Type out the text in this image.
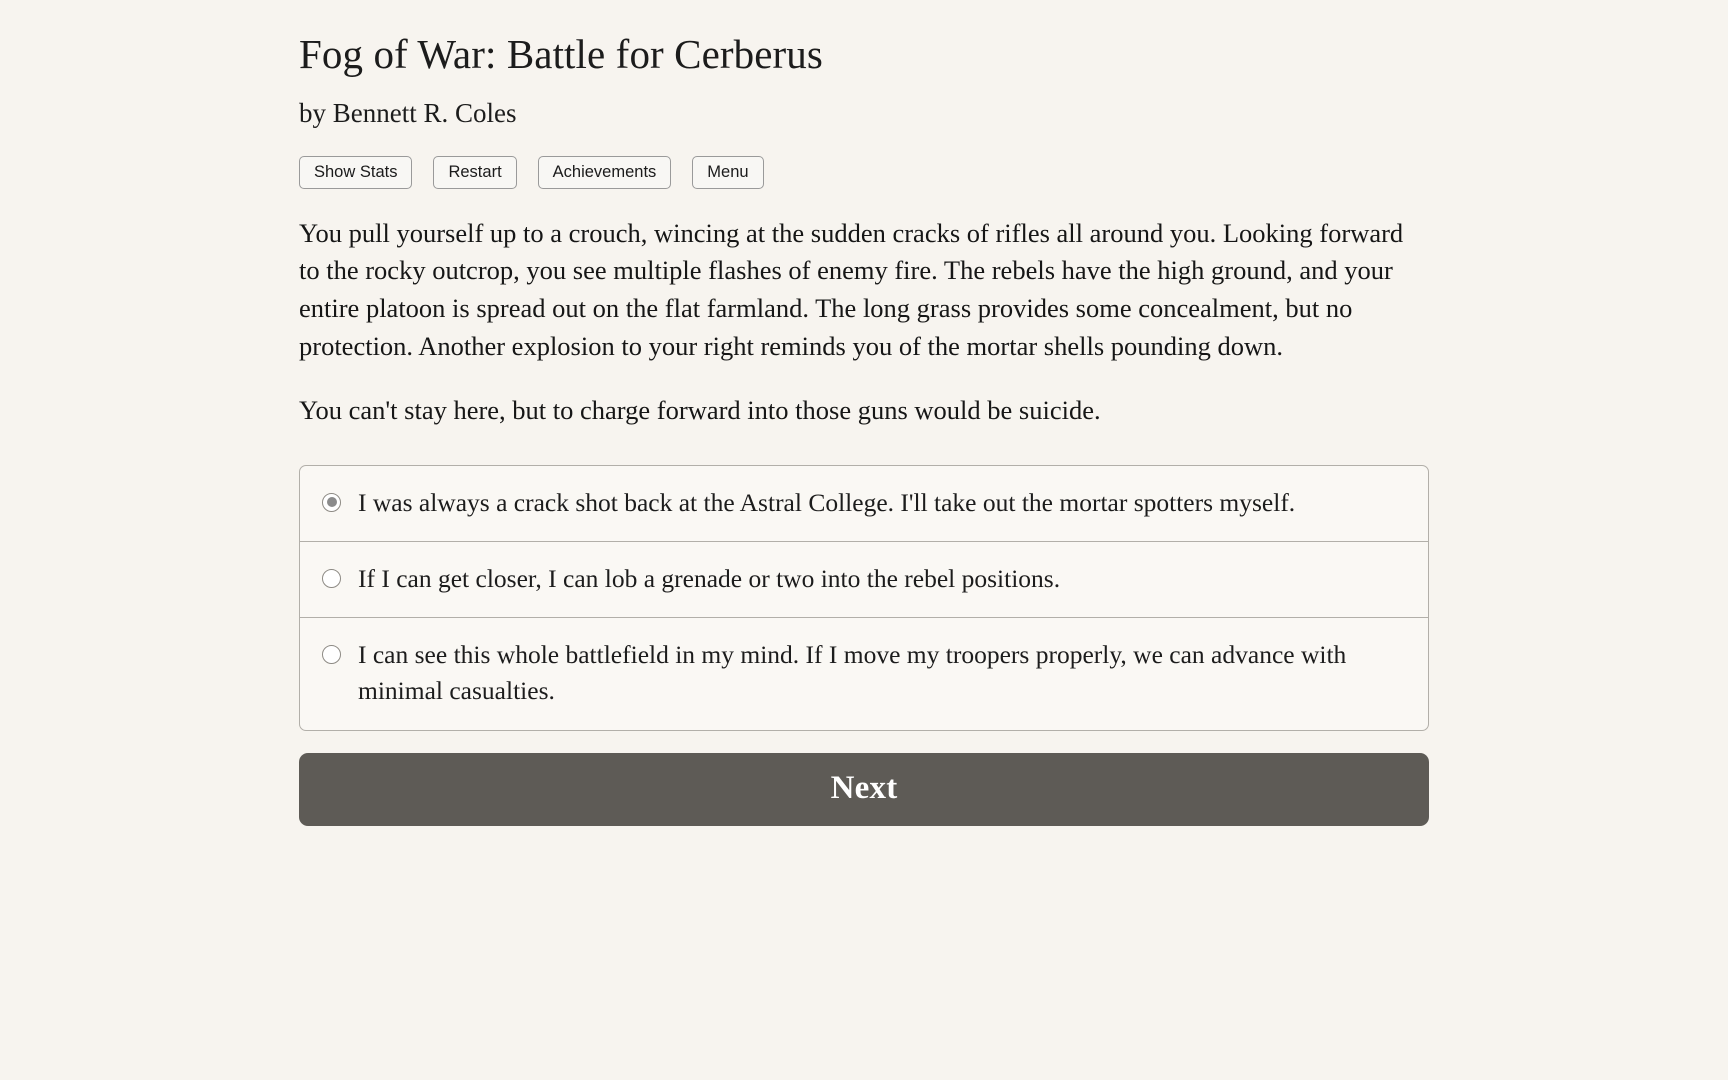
Fog of War: Battle for Cerberus
by Bennett R. Coles
Show Stats	Restart	Achievements	Menu

You pull yourself up to a crouch, wincing at the sudden cracks of rifles all around you. Looking forward to the rocky outcrop, you see multiple flashes of enemy fire. The rebels have the high ground, and your entire platoon is spread out on the flat farmland. The long grass provides some concealment, but no protection. Another explosion to your right reminds you of the mortar shells pounding down.

You can't stay here, but to charge forward into those guns would be suicide.

I was always a crack shot back at the Astral College. I'll take out the mortar spotters myself.
If I can get closer, I can lob a grenade or two into the rebel positions.
I can see this whole battlefield in my mind. If I move my troopers properly, we can advance with minimal casualties.
Next
